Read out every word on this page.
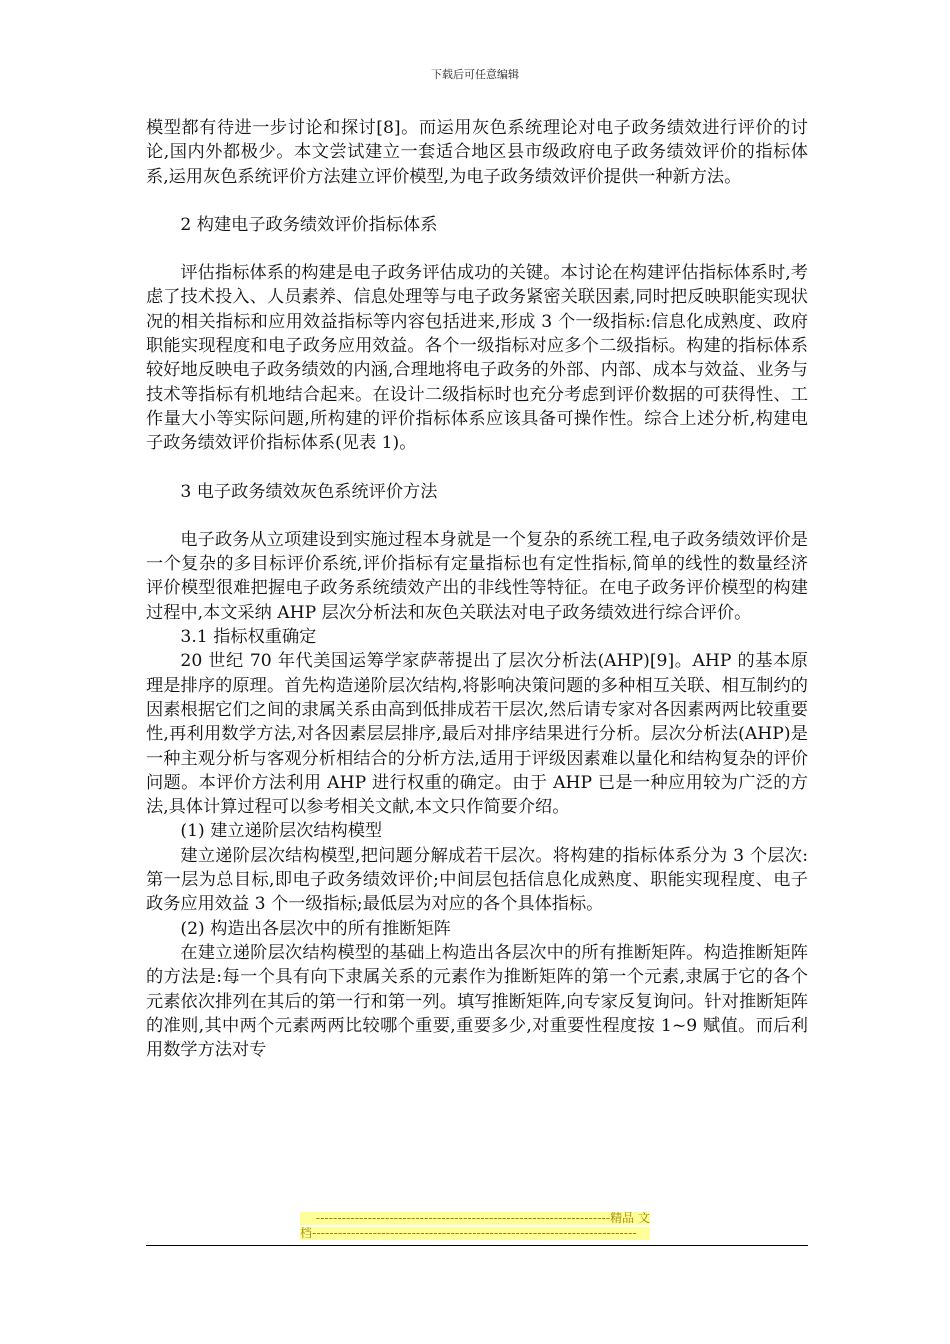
下载后可任意编辑

模型都有待进一步讨论和探讨[8]。而运用灰色系统理论对电子政务绩效进行评价的讨论,国内外都极少。本文尝试建立一套适合地区县市级政府电子政务绩效评价的指标体系,运用灰色系统评价方法建立评价模型,为电子政务绩效评价提供一种新方法。

2 构建电子政务绩效评价指标体系

评估指标体系的构建是电子政务评估成功的关键。本讨论在构建评估指标体系时,考虑了技术投入、人员素养、信息处理等与电子政务紧密关联因素,同时把反映职能实现状况的相关指标和应用效益指标等内容包括进来,形成 3 个一级指标:信息化成熟度、政府职能实现程度和电子政务应用效益。各个一级指标对应多个二级指标。构建的指标体系较好地反映电子政务绩效的内涵,合理地将电子政务的外部、内部、成本与效益、业务与技术等指标有机地结合起来。在设计二级指标时也充分考虑到评价数据的可获得性、工作量大小等实际问题,所构建的评价指标体系应该具备可操作性。综合上述分析,构建电子政务绩效评价指标体系(见表 1)。

3 电子政务绩效灰色系统评价方法

电子政务从立项建设到实施过程本身就是一个复杂的系统工程,电子政务绩效评价是一个复杂的多目标评价系统,评价指标有定量指标也有定性指标,简单的线性的数量经济评价模型很难把握电子政务系统绩效产出的非线性等特征。在电子政务评价模型的构建过程中,本文采纳 AHP 层次分析法和灰色关联法对电子政务绩效进行综合评价。

3.1 指标权重确定

20 世纪 70 年代美国运筹学家萨蒂提出了层次分析法(AHP)[9]。AHP 的基本原理是排序的原理。首先构造递阶层次结构,将影响决策问题的多种相互关联、相互制约的因素根据它们之间的隶属关系由高到低排成若干层次,然后请专家对各因素两两比较重要性,再利用数学方法,对各因素层层排序,最后对排序结果进行分析。层次分析法(AHP)是一种主观分析与客观分析相结合的分析方法,适用于评级因素难以量化和结构复杂的评价问题。本评价方法利用 AHP 进行权重的确定。由于 AHP 已是一种应用较为广泛的方法,具体计算过程可以参考相关文献,本文只作简要介绍。

(1) 建立递阶层次结构模型

建立递阶层次结构模型,把问题分解成若干层次。将构建的指标体系分为 3 个层次:第一层为总目标,即电子政务绩效评价;中间层包括信息化成熟度、职能实现程度、电子政务应用效益 3 个一级指标;最低层为对应的各个具体指标。

(2) 构造出各层次中的所有推断矩阵

在建立递阶层次结构模型的基础上构造出各层次中的所有推断矩阵。构造推断矩阵的方法是:每一个具有向下隶属关系的元素作为推断矩阵的第一个元素,隶属于它的各个元素依次排列在其后的第一行和第一列。填写推断矩阵,向专家反复询问。针对推断矩阵的准则,其中两个元素两两比较哪个重要,重要多少,对重要性程度按 1~9 赋值。而后利用数学方法对专

--------------------------------------------------------------------精品 文
档---------------------------------------------------------------------------
